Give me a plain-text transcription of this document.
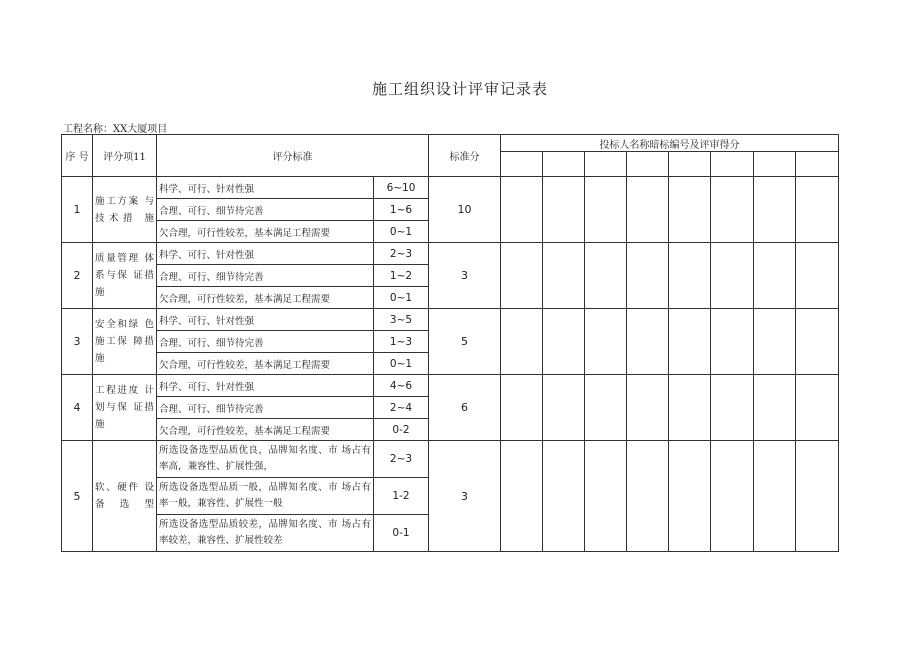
施工组织设计评审记录表
工程名称：XX大厦项目
序 号	评分项11	评分标准		标准分	投标人名称暗标编号及评审得分							

1	施工方案 与技术措 施	科学、可行、针对性强	6~10	10								
		合理、可行、细节待完善	1~6									
		欠合理，可行性较差，基本满足工程需要	0~1									
2	质量管理 体系与保 证措施	科学、可行、针对性强	2~3	3								
		合理、可行、细节待完善	1~2									
		欠合理，可行性较差，基本满足工程需要	0~1									
3	安全和绿 色施工保 障措施	科学、可行、针对性强	3~5	5								
		合理、可行、细节待完善	1~3									
		欠合理，可行性较差，基本满足工程需要	0~1									
4	工程进度 计划与保 证措施	科学、可行、针对性强	4~6	6								
		合理、可行、细节待完善	2~4									
		欠合理，可行性较差，基本满足工程需要	0-2									
5	软、硬件 设备选型	所选设备选型品质优良，品牌知名度、市 场占有率高，兼容性、扩展性强，	2~3	3								
		所选设备选型品质一般，品牌知名度、市 场占有率一般，兼容性、扩展性一般	1-2									
		所选设备选型品质较差，品牌知名度、市 场占有率较差，兼容性、扩展性较差	0-1									
